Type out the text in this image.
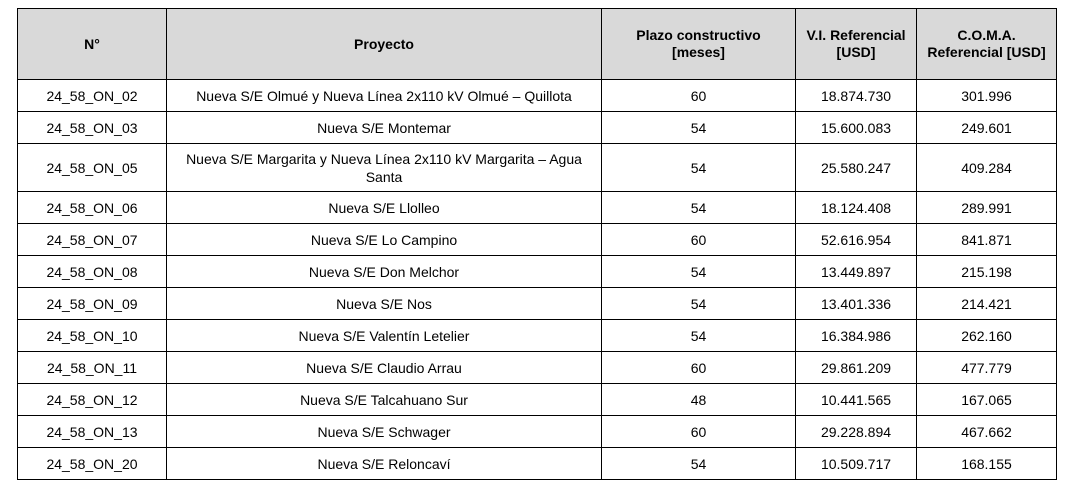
N°	Proyecto	Plazo constructivo [meses]	V.I. Referencial [USD]	C.O.M.A. Referencial [USD]
24_58_ON_02	Nueva S/E Olmué y Nueva Línea 2x110 kV Olmué – Quillota	60	18.874.730	301.996
24_58_ON_03	Nueva S/E Montemar	54	15.600.083	249.601
24_58_ON_05	Nueva S/E Margarita y Nueva Línea 2x110 kV Margarita – Agua Santa	54	25.580.247	409.284
24_58_ON_06	Nueva S/E Llolleo	54	18.124.408	289.991
24_58_ON_07	Nueva S/E Lo Campino	60	52.616.954	841.871
24_58_ON_08	Nueva S/E Don Melchor	54	13.449.897	215.198
24_58_ON_09	Nueva S/E Nos	54	13.401.336	214.421
24_58_ON_10	Nueva S/E Valentín Letelier	54	16.384.986	262.160
24_58_ON_11	Nueva S/E Claudio Arrau	60	29.861.209	477.779
24_58_ON_12	Nueva S/E Talcahuano Sur	48	10.441.565	167.065
24_58_ON_13	Nueva S/E Schwager	60	29.228.894	467.662
24_58_ON_20	Nueva S/E Reloncaví	54	10.509.717	168.155
